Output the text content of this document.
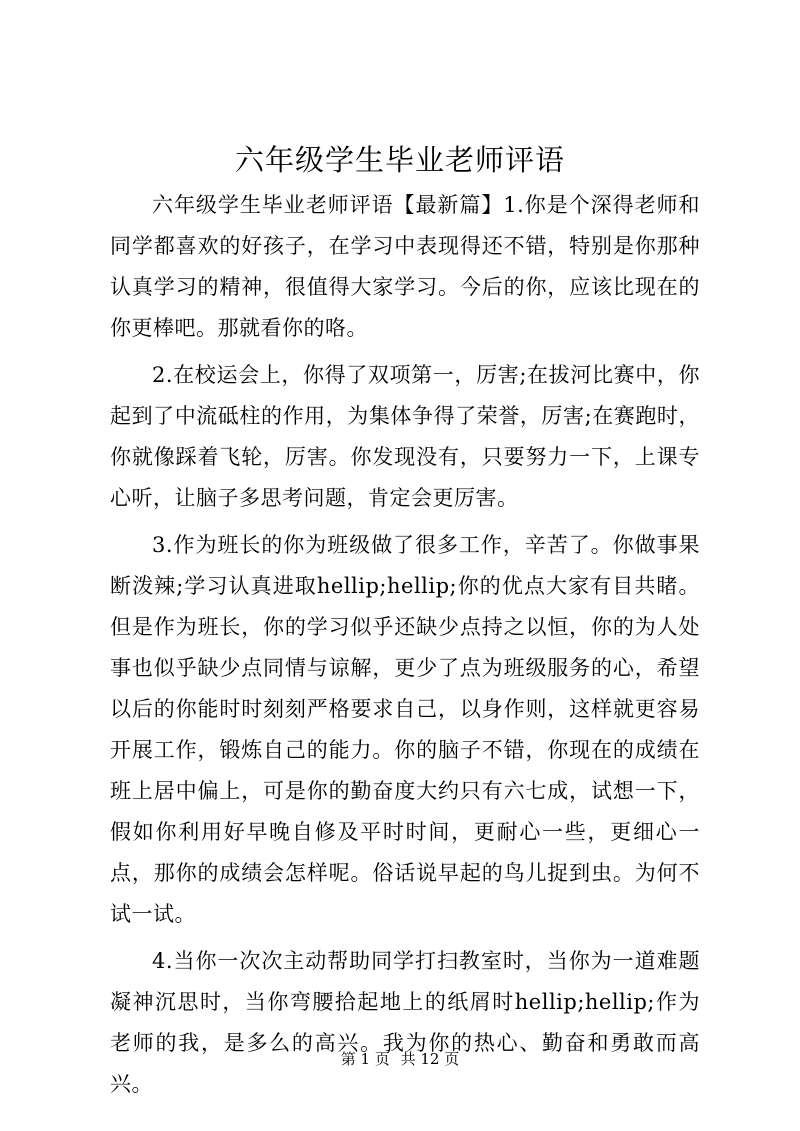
六年级学生毕业老师评语

六年级学生毕业老师评语【最新篇】1.你是个深得老师和同学都喜欢的好孩子，在学习中表现得还不错，特别是你那种认真学习的精神，很值得大家学习。今后的你，应该比现在的你更棒吧。那就看你的咯。

2.在校运会上，你得了双项第一，厉害;在拔河比赛中，你起到了中流砥柱的作用，为集体争得了荣誉，厉害;在赛跑时，你就像踩着飞轮，厉害。你发现没有，只要努力一下，上课专心听，让脑子多思考问题，肯定会更厉害。

3.作为班长的你为班级做了很多工作，辛苦了。你做事果断泼辣;学习认真进取hellip;hellip;你的优点大家有目共睹。但是作为班长，你的学习似乎还缺少点持之以恒，你的为人处事也似乎缺少点同情与谅解，更少了点为班级服务的心，希望以后的你能时时刻刻严格要求自己，以身作则，这样就更容易开展工作，锻炼自己的能力。你的脑子不错，你现在的成绩在班上居中偏上，可是你的勤奋度大约只有六七成，试想一下，假如你利用好早晚自修及平时时间，更耐心一些，更细心一点，那你的成绩会怎样呢。俗话说早起的鸟儿捉到虫。为何不试一试。

4.当你一次次主动帮助同学打扫教室时，当你为一道难题凝神沉思时，当你弯腰拾起地上的纸屑时hellip;hellip;作为老师的我，是多么的高兴。我为你的热心、勤奋和勇敢而高兴。

第 1 页 共 12 页
